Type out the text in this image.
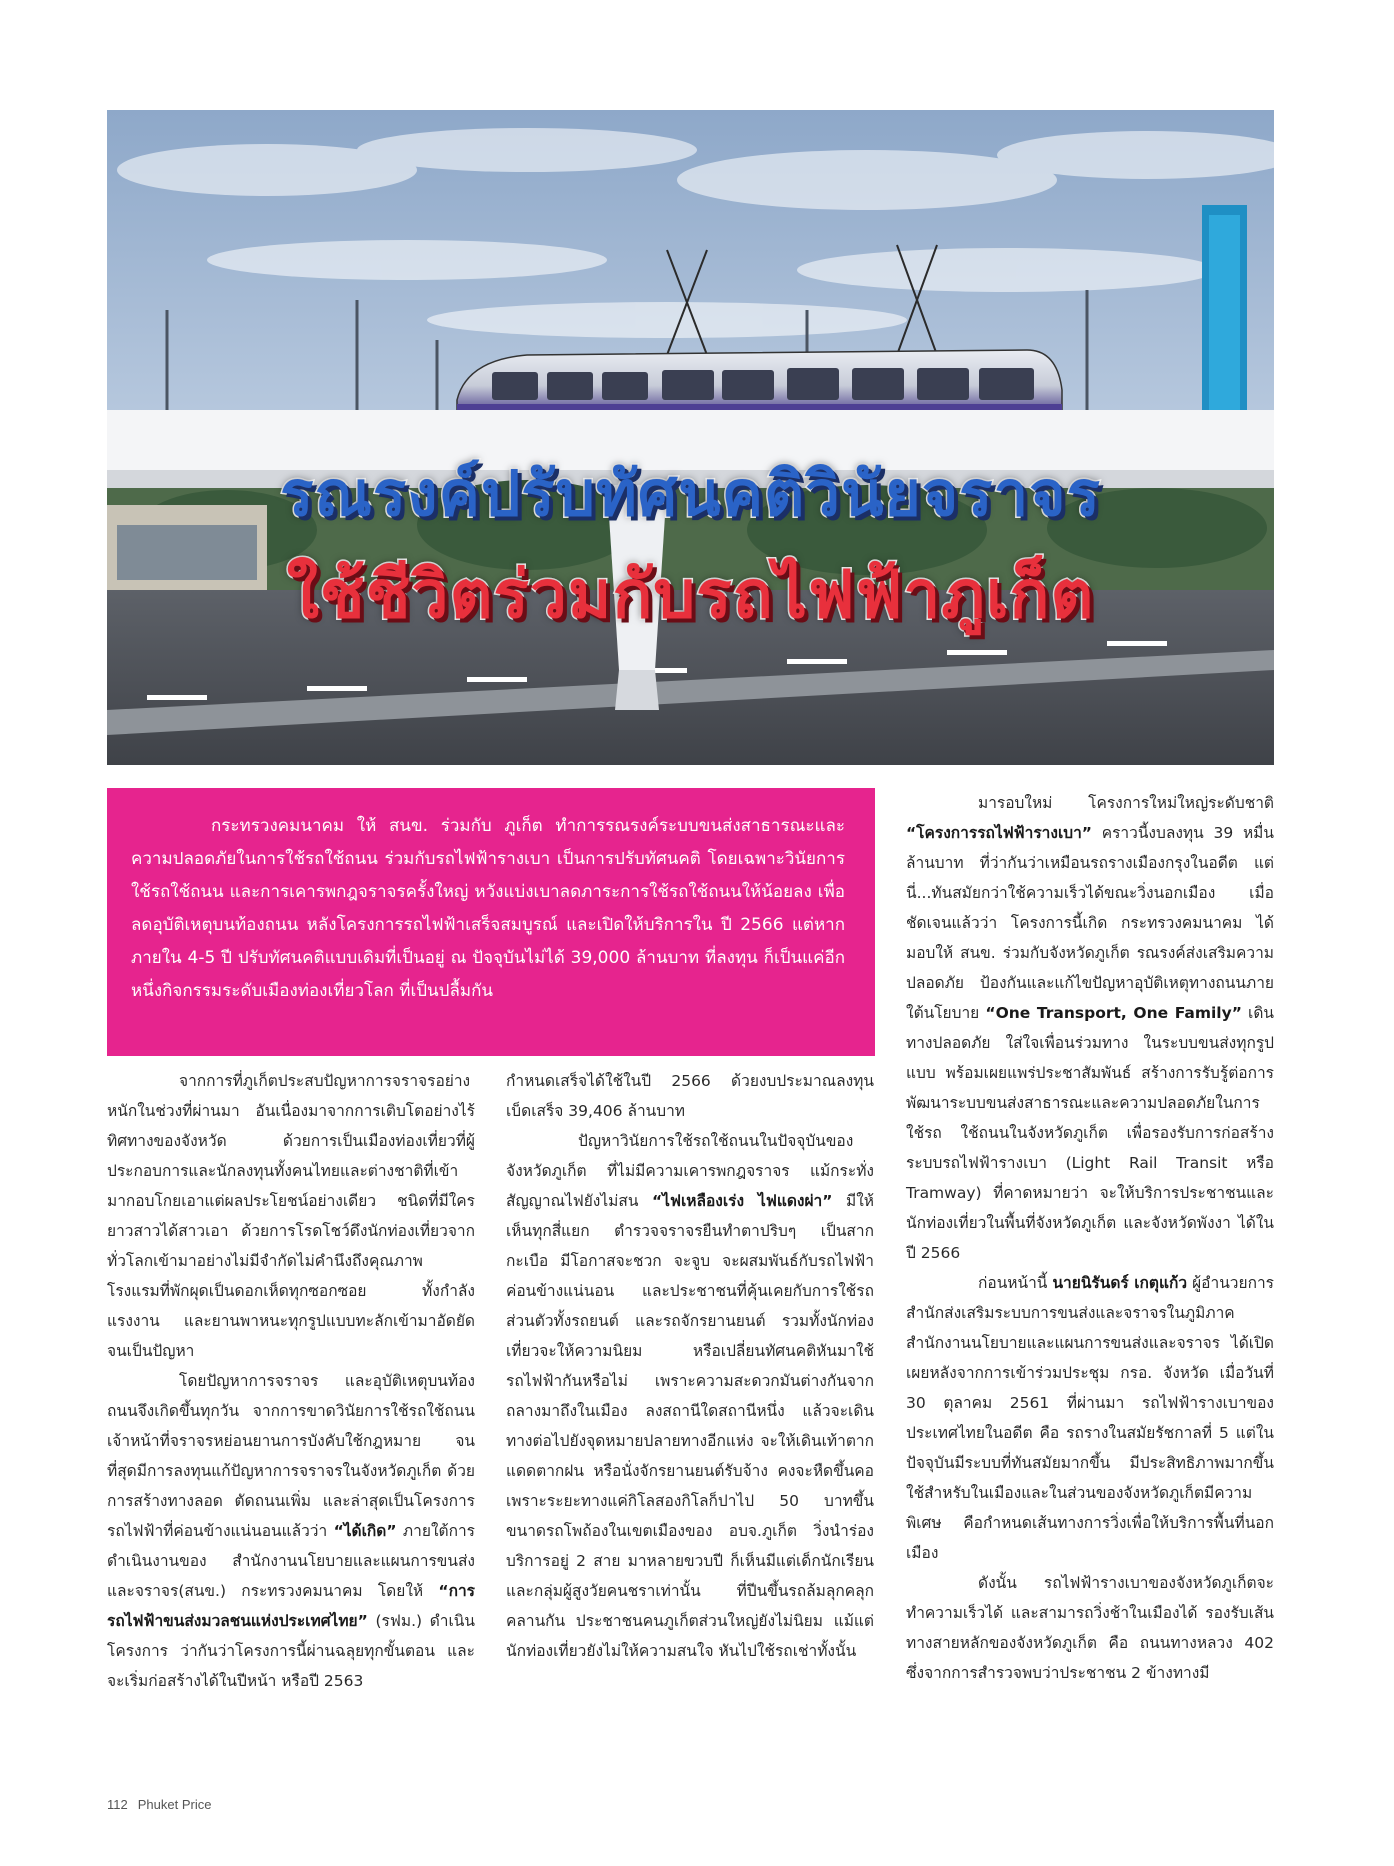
รณรงค์ปรับทัศนคติวินัยจราจร
ใช้ชีวิตร่วมกับรถไฟฟ้าภูเก็ต

กระทรวงคมนาคม ให้ สนข. ร่วมกับ ภูเก็ต ทำการรณรงค์ระบบขนส่งสาธารณะและความปลอดภัยในการใช้รถใช้ถนน ร่วมกับรถไฟฟ้ารางเบา เป็นการปรับทัศนคติ โดยเฉพาะวินัยการใช้รถใช้ถนน และการเคารพกฎจราจรครั้งใหญ่ หวังแบ่งเบาลดภาระการใช้รถใช้ถนนให้น้อยลง เพื่อลดอุบัติเหตุบนท้องถนน หลังโครงการรถไฟฟ้าเสร็จสมบูรณ์ และเปิดให้บริการใน ปี 2566 แต่หากภายใน 4-5 ปี ปรับทัศนคติแบบเดิมที่เป็นอยู่ ณ ปัจจุบันไม่ได้ 39,000 ล้านบาท ที่ลงทุน ก็เป็นแค่อีกหนึ่งกิจกรรมระดับเมืองท่องเที่ยวโลก ที่เป็นปลื้มกัน

จากการที่ภูเก็ตประสบปัญหาการจราจรอย่างหนักในช่วงที่ผ่านมา อันเนื่องมาจากการเติบโตอย่างไร้ทิศทางของจังหวัด ด้วยการเป็นเมืองท่องเที่ยวที่ผู้ประกอบการและนักลงทุนทั้งคนไทยและต่างชาติที่เข้ามากอบโกยเอาแต่ผลประโยชน์อย่างเดียว ชนิดที่มีใครยาวสาวได้สาวเอา ด้วยการโรดโชว์ดึงนักท่องเที่ยวจากทั่วโลกเข้ามาอย่างไม่มีจำกัดไม่คำนึงถึงคุณภาพโรงแรมที่พักผุดเป็นดอกเห็ดทุกซอกซอย ทั้งกำลังแรงงาน และยานพาหนะทุกรูปแบบทะลักเข้ามาอัดยัดจนเป็นปัญหา

โดยปัญหาการจราจร และอุบัติเหตุบนท้องถนนจึงเกิดขึ้นทุกวัน จากการขาดวินัยการใช้รถใช้ถนน เจ้าหน้าที่จราจรหย่อนยานการบังคับใช้กฎหมาย จนที่สุดมีการลงทุนแก้ปัญหาการจราจรในจังหวัดภูเก็ต ด้วยการสร้างทางลอด ตัดถนนเพิ่ม และล่าสุดเป็นโครงการรถไฟฟ้าที่ค่อนข้างแน่นอนแล้วว่า “ได้เกิด” ภายใต้การดำเนินงานของ สำนักงานนโยบายและแผนการขนส่งและจราจร(สนข.) กระทรวงคมนาคม โดยให้ “การรถไฟฟ้าขนส่งมวลชนแห่งประเทศไทย” (รฟม.) ดำเนินโครงการ ว่ากันว่าโครงการนี้ผ่านฉลุยทุกขั้นตอน และจะเริ่มก่อสร้างได้ในปีหน้า หรือปี 2563

กำหนดเสร็จได้ใช้ในปี 2566 ด้วยงบประมาณลงทุนเบ็ดเสร็จ 39,406 ล้านบาท

ปัญหาวินัยการใช้รถใช้ถนนในปัจจุบันของจังหวัดภูเก็ต ที่ไม่มีความเคารพกฎจราจร แม้กระทั่งสัญญาณไฟยังไม่สน “ไฟเหลืองเร่ง ไฟแดงผ่า” มีให้เห็นทุกสี่แยก ตำรวจจราจรยืนทำตาปริบๆ เป็นสากกะเบือ มีโอกาสจะชวก จะจูบ จะผสมพันธ์กับรถไฟฟ้าค่อนข้างแน่นอน และประชาชนที่คุ้นเคยกับการใช้รถส่วนตัวทั้งรถยนต์ และรถจักรยานยนต์ รวมทั้งนักท่องเที่ยวจะให้ความนิยม หรือเปลี่ยนทัศนคติหันมาใช้รถไฟฟ้ากันหรือไม่ เพราะความสะดวกมันต่างกันจากถลางมาถึงในเมือง ลงสถานีใดสถานีหนึ่ง แล้วจะเดินทางต่อไปยังจุดหมายปลายทางอีกแห่ง จะให้เดินเท้าตากแดดตากฝน หรือนั่งจักรยานยนต์รับจ้าง คงจะหืดขึ้นคอ เพราะระยะทางแค่กิโลสองกิโลก็ปาไป 50 บาทขึ้น ขนาดรถโพถ้องในเขตเมืองของ อบจ.ภูเก็ต วิ่งนำร่องบริการอยู่ 2 สาย มาหลายขวบปี ก็เห็นมีแต่เด็กนักเรียน และกลุ่มผู้สูงวัยคนชราเท่านั้น ที่ปีนขึ้นรถล้มลุกคลุกคลานกัน ประชาชนคนภูเก็ตส่วนใหญ่ยังไม่นิยม แม้แต่นักท่องเที่ยวยังไม่ให้ความสนใจ หันไปใช้รถเช่าทั้งนั้น

มารอบใหม่ โครงการใหม่ใหญ่ระดับชาติ “โครงการรถไฟฟ้ารางเบา” คราวนี้งบลงทุน 39 หมื่นล้านบาท ที่ว่ากันว่าเหมือนรถรางเมืองกรุงในอดีต แต่นี่...ทันสมัยกว่าใช้ความเร็วได้ขณะวิ่งนอกเมือง เมื่อชัดเจนแล้วว่า โครงการนี้เกิด กระทรวงคมนาคม ได้มอบให้ สนข. ร่วมกับจังหวัดภูเก็ต รณรงค์ส่งเสริมความปลอดภัย ป้องกันและแก้ไขปัญหาอุบัติเหตุทางถนนภายใต้นโยบาย “One Transport, One Family” เดินทางปลอดภัย ใส่ใจเพื่อนร่วมทาง ในระบบขนส่งทุกรูปแบบ พร้อมเผยแพร่ประชาสัมพันธ์ สร้างการรับรู้ต่อการพัฒนาระบบขนส่งสาธารณะและความปลอดภัยในการใช้รถ ใช้ถนนในจังหวัดภูเก็ต เพื่อรองรับการก่อสร้างระบบรถไฟฟ้ารางเบา (Light Rail Transit หรือ Tramway) ที่คาดหมายว่า จะให้บริการประชาชนและนักท่องเที่ยวในพื้นที่จังหวัดภูเก็ต และจังหวัดพังงา ได้ในปี 2566

ก่อนหน้านี้ นายนิรันดร์ เกตุแก้ว ผู้อำนวยการสำนักส่งเสริมระบบการขนส่งและจราจรในภูมิภาค สำนักงานนโยบายและแผนการขนส่งและจราจร ได้เปิดเผยหลังจากการเข้าร่วมประชุม กรอ. จังหวัด เมื่อวันที่ 30 ตุลาคม 2561 ที่ผ่านมา รถไฟฟ้ารางเบาของประเทศไทยในอดีต คือ รถรางในสมัยรัชกาลที่ 5 แต่ในปัจจุบันมีระบบที่ทันสมัยมากขึ้น มีประสิทธิภาพมากขึ้น ใช้สำหรับในเมืองและในส่วนของจังหวัดภูเก็ตมีความพิเศษ คือกำหนดเส้นทางการวิ่งเพื่อให้บริการพื้นที่นอกเมือง

ดังนั้น รถไฟฟ้ารางเบาของจังหวัดภูเก็ตจะทำความเร็วได้ และสามารถวิ่งช้าในเมืองได้ รองรับเส้นทางสายหลักของจังหวัดภูเก็ต คือ ถนนทางหลวง 402 ซึ่งจากการสำรวจพบว่าประชาชน 2 ข้างทางมี

112 Phuket Price
